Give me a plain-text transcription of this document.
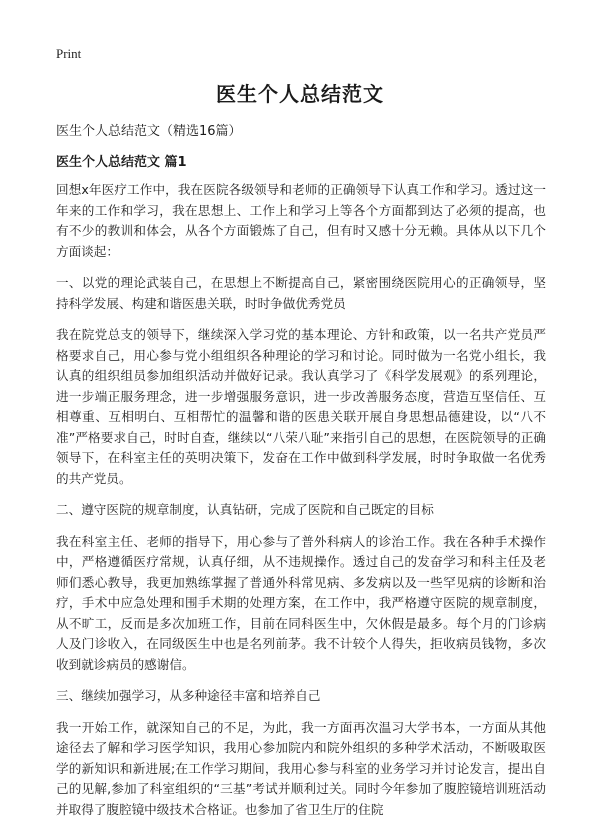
Print
医生个人总结范文
医生个人总结范文（精选16篇）
医生个人总结范文 篇1

回想x年医疗工作中，我在医院各级领导和老师的正确领导下认真工作和学习。透过这一年来的工作和学习，我在思想上、工作上和学习上等各个方面都到达了必须的提高，也有不少的教训和体会，从各个方面锻炼了自己，但有时又感十分无赖。具体从以下几个方面谈起：

一、以党的理论武装自己，在思想上不断提高自己，紧密围绕医院用心的正确领导，坚持科学发展、构建和谐医患关联，时时争做优秀党员

我在院党总支的领导下，继续深入学习党的基本理论、方针和政策，以一名共产党员严格要求自己，用心参与党小组组织各种理论的学习和讨论。同时做为一名党小组长，我认真的组织组员参加组织活动并做好记录。我认真学习了《科学发展观》的系列理论，进一步端正服务理念，进一步增强服务意识，进一步改善服务态度，营造互坚信任、互相尊重、互相明白、互相帮忙的温馨和谐的医患关联开展自身思想品德建设，以“八不准”严格要求自己，时时自查，继续以“八荣八耻”来指引自己的思想，在医院领导的正确领导下，在科室主任的英明决策下，发奋在工作中做到科学发展，时时争取做一名优秀的共产党员。

二、遵守医院的规章制度，认真钻研，完成了医院和自己既定的目标

我在科室主任、老师的指导下，用心参与了普外科病人的诊治工作。我在各种手术操作中，严格遵循医疗常规，认真仔细，从不违规操作。透过自己的发奋学习和科主任及老师们悉心教导，我更加熟练掌握了普通外科常见病、多发病以及一些罕见病的诊断和治疗，手术中应急处理和围手术期的处理方案，在工作中，我严格遵守医院的规章制度，从不旷工，反而是多次加班工作，目前在同科医生中，欠休假是最多。每个月的门诊病人及门诊收入，在同级医生中也是名列前茅。我不计较个人得失，拒收病员钱物，多次收到就诊病员的感谢信。

三、继续加强学习，从多种途径丰富和培养自己

我一开始工作，就深知自己的不足，为此，我一方面再次温习大学书本，一方面从其他途径去了解和学习医学知识，我用心参加院内和院外组织的多种学术活动，不断吸取医学的新知识和新进展;在工作学习期间，我用心参与科室的业务学习并讨论发言，提出自己的见解,参加了科室组织的“三基”考试并顺利过关。同时今年参加了腹腔镜培训班活动并取得了腹腔镜中级技术合格证。也参加了省卫生厅的住院
